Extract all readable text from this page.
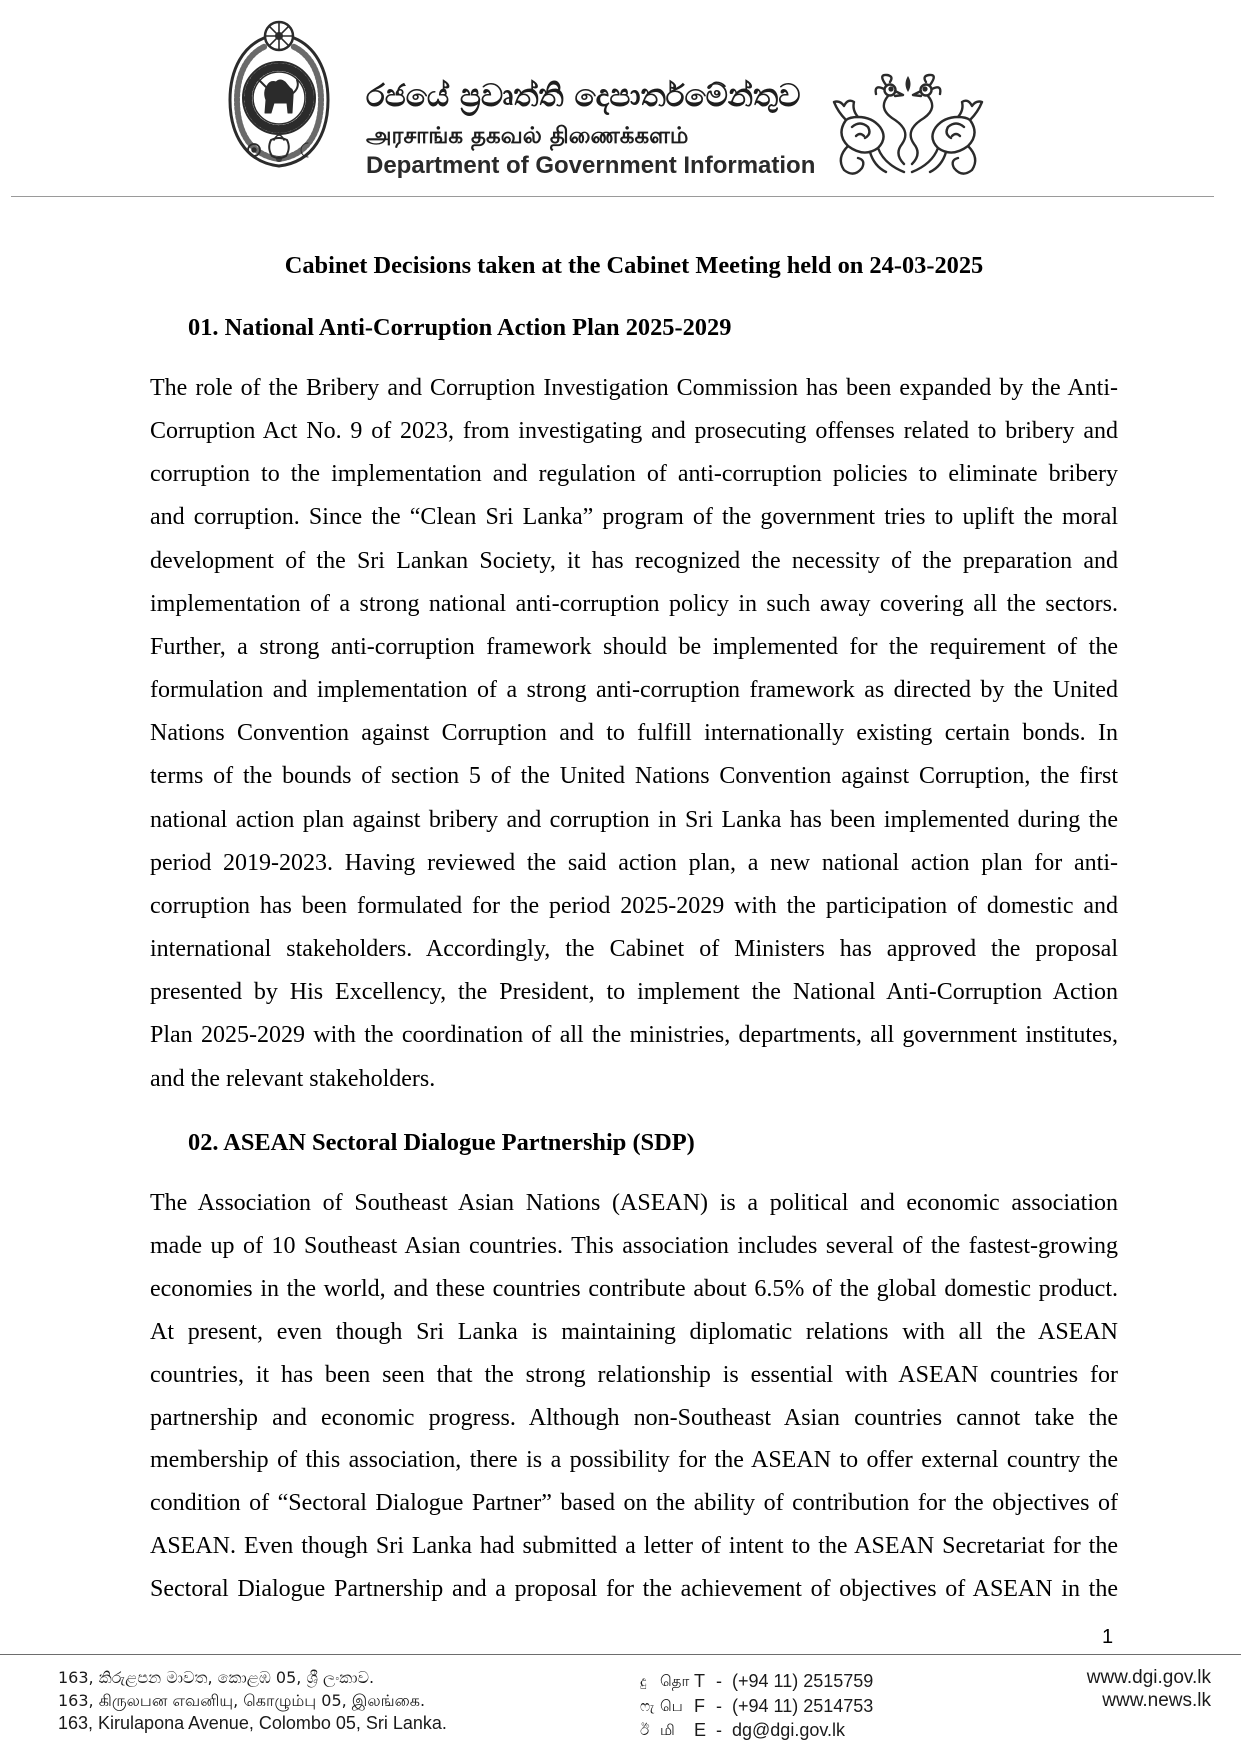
රජයේ ප්‍රවෘත්ති දෙපාර්තමේන්තුව
அரசாங்க தகவல் திணைக்களம்
Department of Government Information
Cabinet Decisions taken at the Cabinet Meeting held on 24-03-2025
01. National Anti-Corruption Action Plan 2025-2029
The role of the Bribery and Corruption Investigation Commission has been expanded by the Anti-
Corruption Act No. 9 of 2023, from investigating and prosecuting offenses related to bribery and
corruption to the implementation and regulation of anti-corruption policies to eliminate bribery
and corruption. Since the “Clean Sri Lanka” program of the government tries to uplift the moral
development of the Sri Lankan Society, it has recognized the necessity of the preparation and
implementation of a strong national anti-corruption policy in such away covering all the sectors.
Further, a strong anti-corruption framework should be implemented for the requirement of the
formulation and implementation of a strong anti-corruption framework as directed by the United
Nations Convention against Corruption and to fulfill internationally existing certain bonds. In
terms of the bounds of section 5 of the United Nations Convention against Corruption, the first
national action plan against bribery and corruption in Sri Lanka has been implemented during the
period 2019-2023. Having reviewed the said action plan, a new national action plan for anti-
corruption has been formulated for the period 2025-2029 with the participation of domestic and
international stakeholders. Accordingly, the Cabinet of Ministers has approved the proposal
presented by His Excellency, the President, to implement the National Anti-Corruption Action
Plan 2025-2029 with the coordination of all the ministries, departments, all government institutes,
and the relevant stakeholders.
02. ASEAN Sectoral Dialogue Partnership (SDP)
The Association of Southeast Asian Nations (ASEAN) is a political and economic association
made up of 10 Southeast Asian countries. This association includes several of the fastest-growing
economies in the world, and these countries contribute about 6.5% of the global domestic product.
At present, even though Sri Lanka is maintaining diplomatic relations with all the ASEAN
countries, it has been seen that the strong relationship is essential with ASEAN countries for
partnership and economic progress. Although non-Southeast Asian countries cannot take the
membership of this association, there is a possibility for the ASEAN to offer external country the
condition of “Sectoral Dialogue Partner” based on the ability of contribution for the objectives of
ASEAN. Even though Sri Lanka had submitted a letter of intent to the ASEAN Secretariat for the
Sectoral Dialogue Partnership and a proposal for the achievement of objectives of ASEAN in the
1
163, කිරුළපන මාවත, කොළඹ 05, ශ්‍රී ලංකාව.
163, கிருலபன எவனியு, கொழும்பு 05, இலங்கை.
163, Kirulapona Avenue, Colombo 05, Sri Lanka.
දු தொ T - (+94 11) 2515759
ෆැ பெ F - (+94 11) 2514753
ඊ மி E - dg@dgi.gov.lk
www.dgi.gov.lk
www.news.lk
